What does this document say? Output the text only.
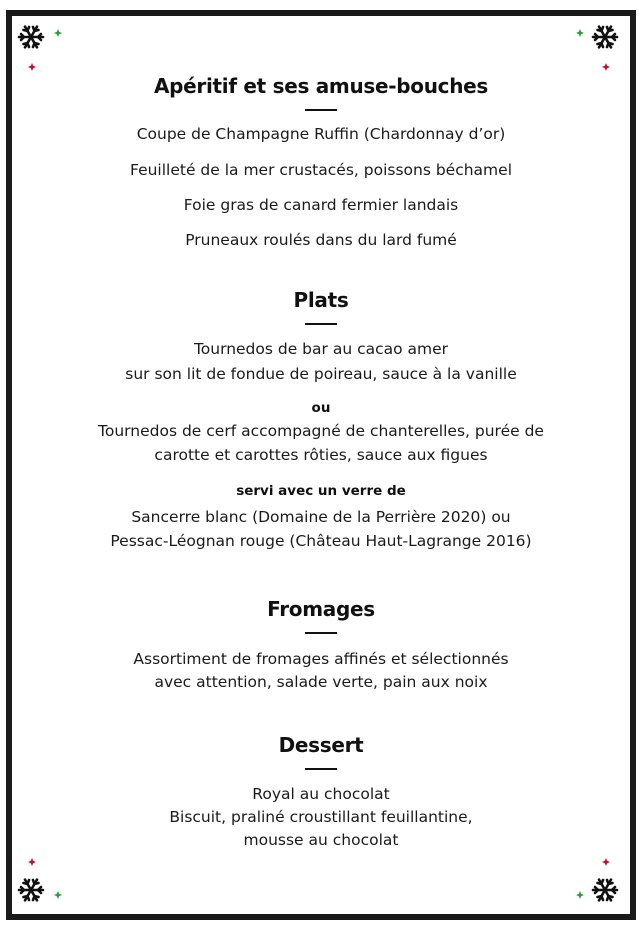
Apéritif et ses amuse-bouches
Coupe de Champagne Ruffin (Chardonnay d’or)
Feuilleté de la mer crustacés, poissons béchamel
Foie gras de canard fermier landais
Pruneaux roulés dans du lard fumé
Plats
Tournedos de bar au cacao amer
sur son lit de fondue de poireau, sauce à la vanille
ou
Tournedos de cerf accompagné de chanterelles, purée de
carotte et carottes rôties, sauce aux figues
servi avec un verre de
Sancerre blanc (Domaine de la Perrière 2020) ou
Pessac-Léognan rouge (Château Haut-Lagrange 2016)
Fromages
Assortiment de fromages affinés et sélectionnés
avec attention, salade verte, pain aux noix
Dessert
Royal au chocolat
Biscuit, praliné croustillant feuillantine,
mousse au chocolat
